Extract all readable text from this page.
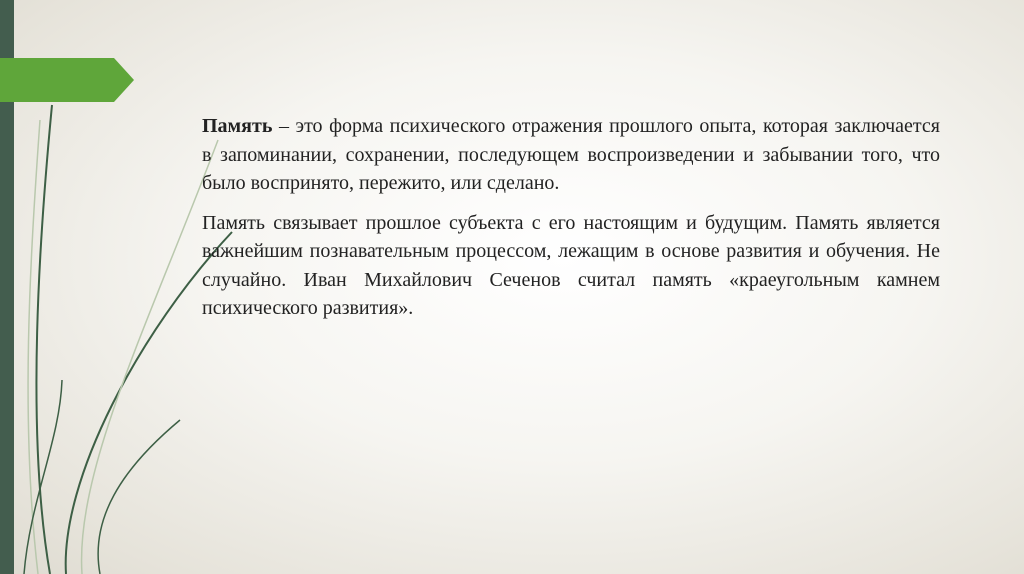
Память – это форма психического отражения прошлого опыта, которая заключается в запоминании, сохранении, последующем воспроизведении и забывании того, что было воспринято, пережито, или сделано.

Память связывает прошлое субъекта с его настоящим и будущим. Память является важнейшим познавательным процессом, лежащим в основе развития и обучения. Не случайно. Иван Михайлович Сеченов считал память «краеугольным камнем психического развития».
